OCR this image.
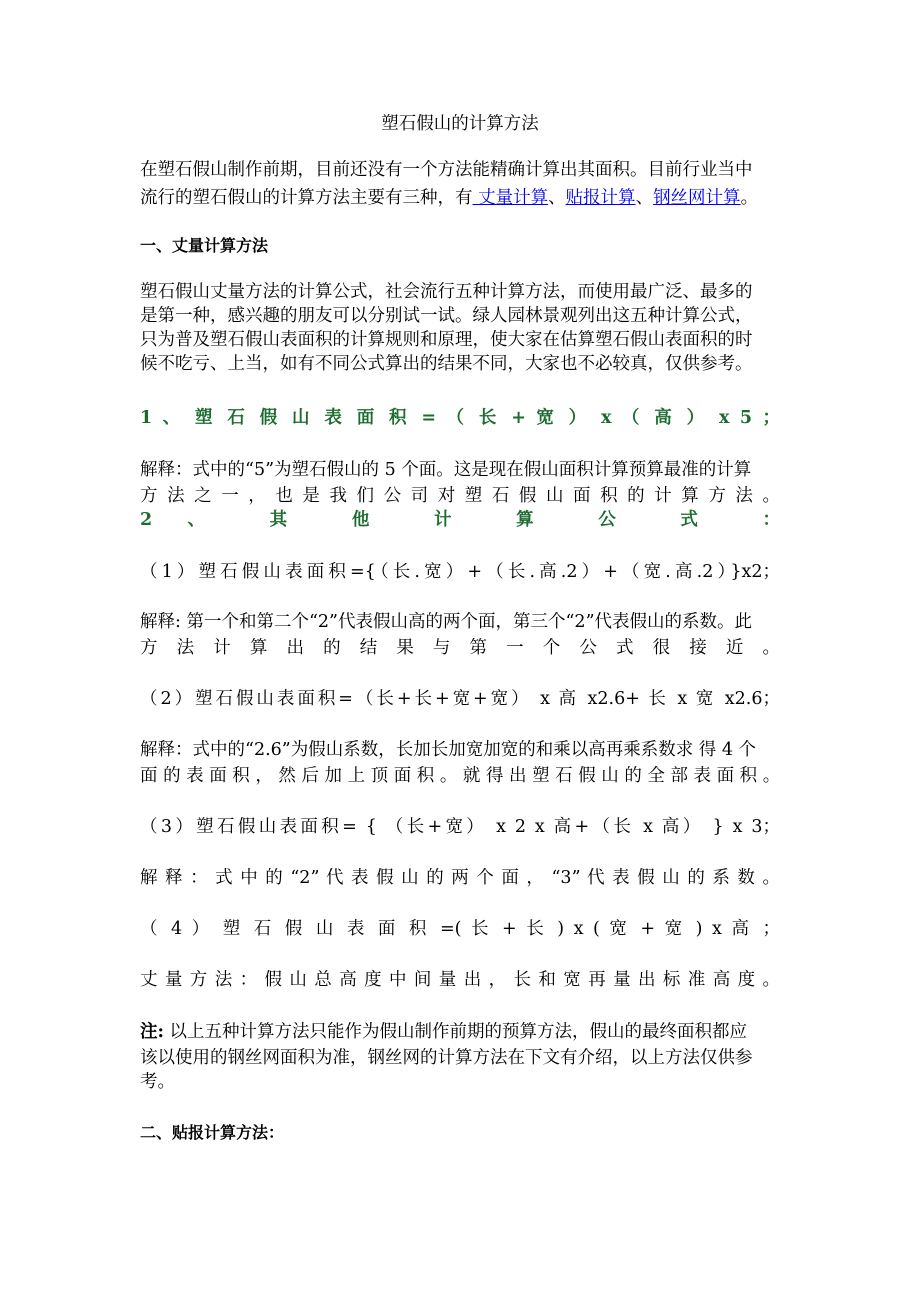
塑石假山的计算方法

在塑石假山制作前期，目前还没有一个方法能精确计算出其面积。目前行业当中

流行的塑石假山的计算方法主要有三种，有 丈量计算、贴报计算、钢丝网计算。

一、丈量计算方法

塑石假山丈量方法的计算公式，社会流行五种计算方法，而使用最广泛、最多的

是第一种，感兴趣的朋友可以分别试一试。绿人园林景观列出这五种计算公式，

只为普及塑石假山表面积的计算规则和原理，使大家在估算塑石假山表面积的时

候不吃亏、上当，如有不同公式算出的结果不同，大家也不必较真，仅供参考。

1 、 塑 石 假 山 表 面 积 = （ 长 + 宽 ） x （ 高 ） x 5 ；

解释：式中的“5”为塑石假山的 5 个面。这是现在假山面积计算预算最准的计算

方 法 之 一 ， 也 是 我 们 公 司 对 塑 石 假 山 面 积 的 计 算 方 法 。

2 、 其 他 计 算 公 式 ：

（1）塑石假山表面积={（长.宽）+（长.高.2）+（宽.高.2）}x2；

解释: 第一个和第二个“2”代表假山高的两个面，第三个“2”代表假山的系数。此

方 法 计 算 出 的 结 果 与 第 一 个 公 式 很 接 近 。

（2）塑石假山表面积=（长+长+宽+宽） x 高 x2.6+ 长 x 宽 x2.6；

解释：式中的“2.6”为假山系数，长加长加宽加宽的和乘以高再乘系数求 得 4 个

面 的 表 面 积 ， 然 后 加 上 顶 面 积 。 就 得 出 塑 石 假 山 的 全 部 表 面 积 。

（3）塑石假山表面积= { （长+宽） x 2 x 高+（长 x 高） } x 3；

解 释 ： 式 中 的 “2” 代 表 假 山 的 两 个 面 ， “3” 代 表 假 山 的 系 数 。

（ 4 ） 塑 石 假 山 表 面 积 =( 长 + 长 ) x ( 宽 + 宽 ) x 高 ；

丈 量 方 法 ： 假 山 总 高 度 中 间 量 出 ， 长 和 宽 再 量 出 标 准 高 度 。

注: 以上五种计算方法只能作为假山制作前期的预算方法，假山的最终面积都应

该以使用的钢丝网面积为准，钢丝网的计算方法在下文有介绍，以上方法仅供参

考。

二、贴报计算方法：
